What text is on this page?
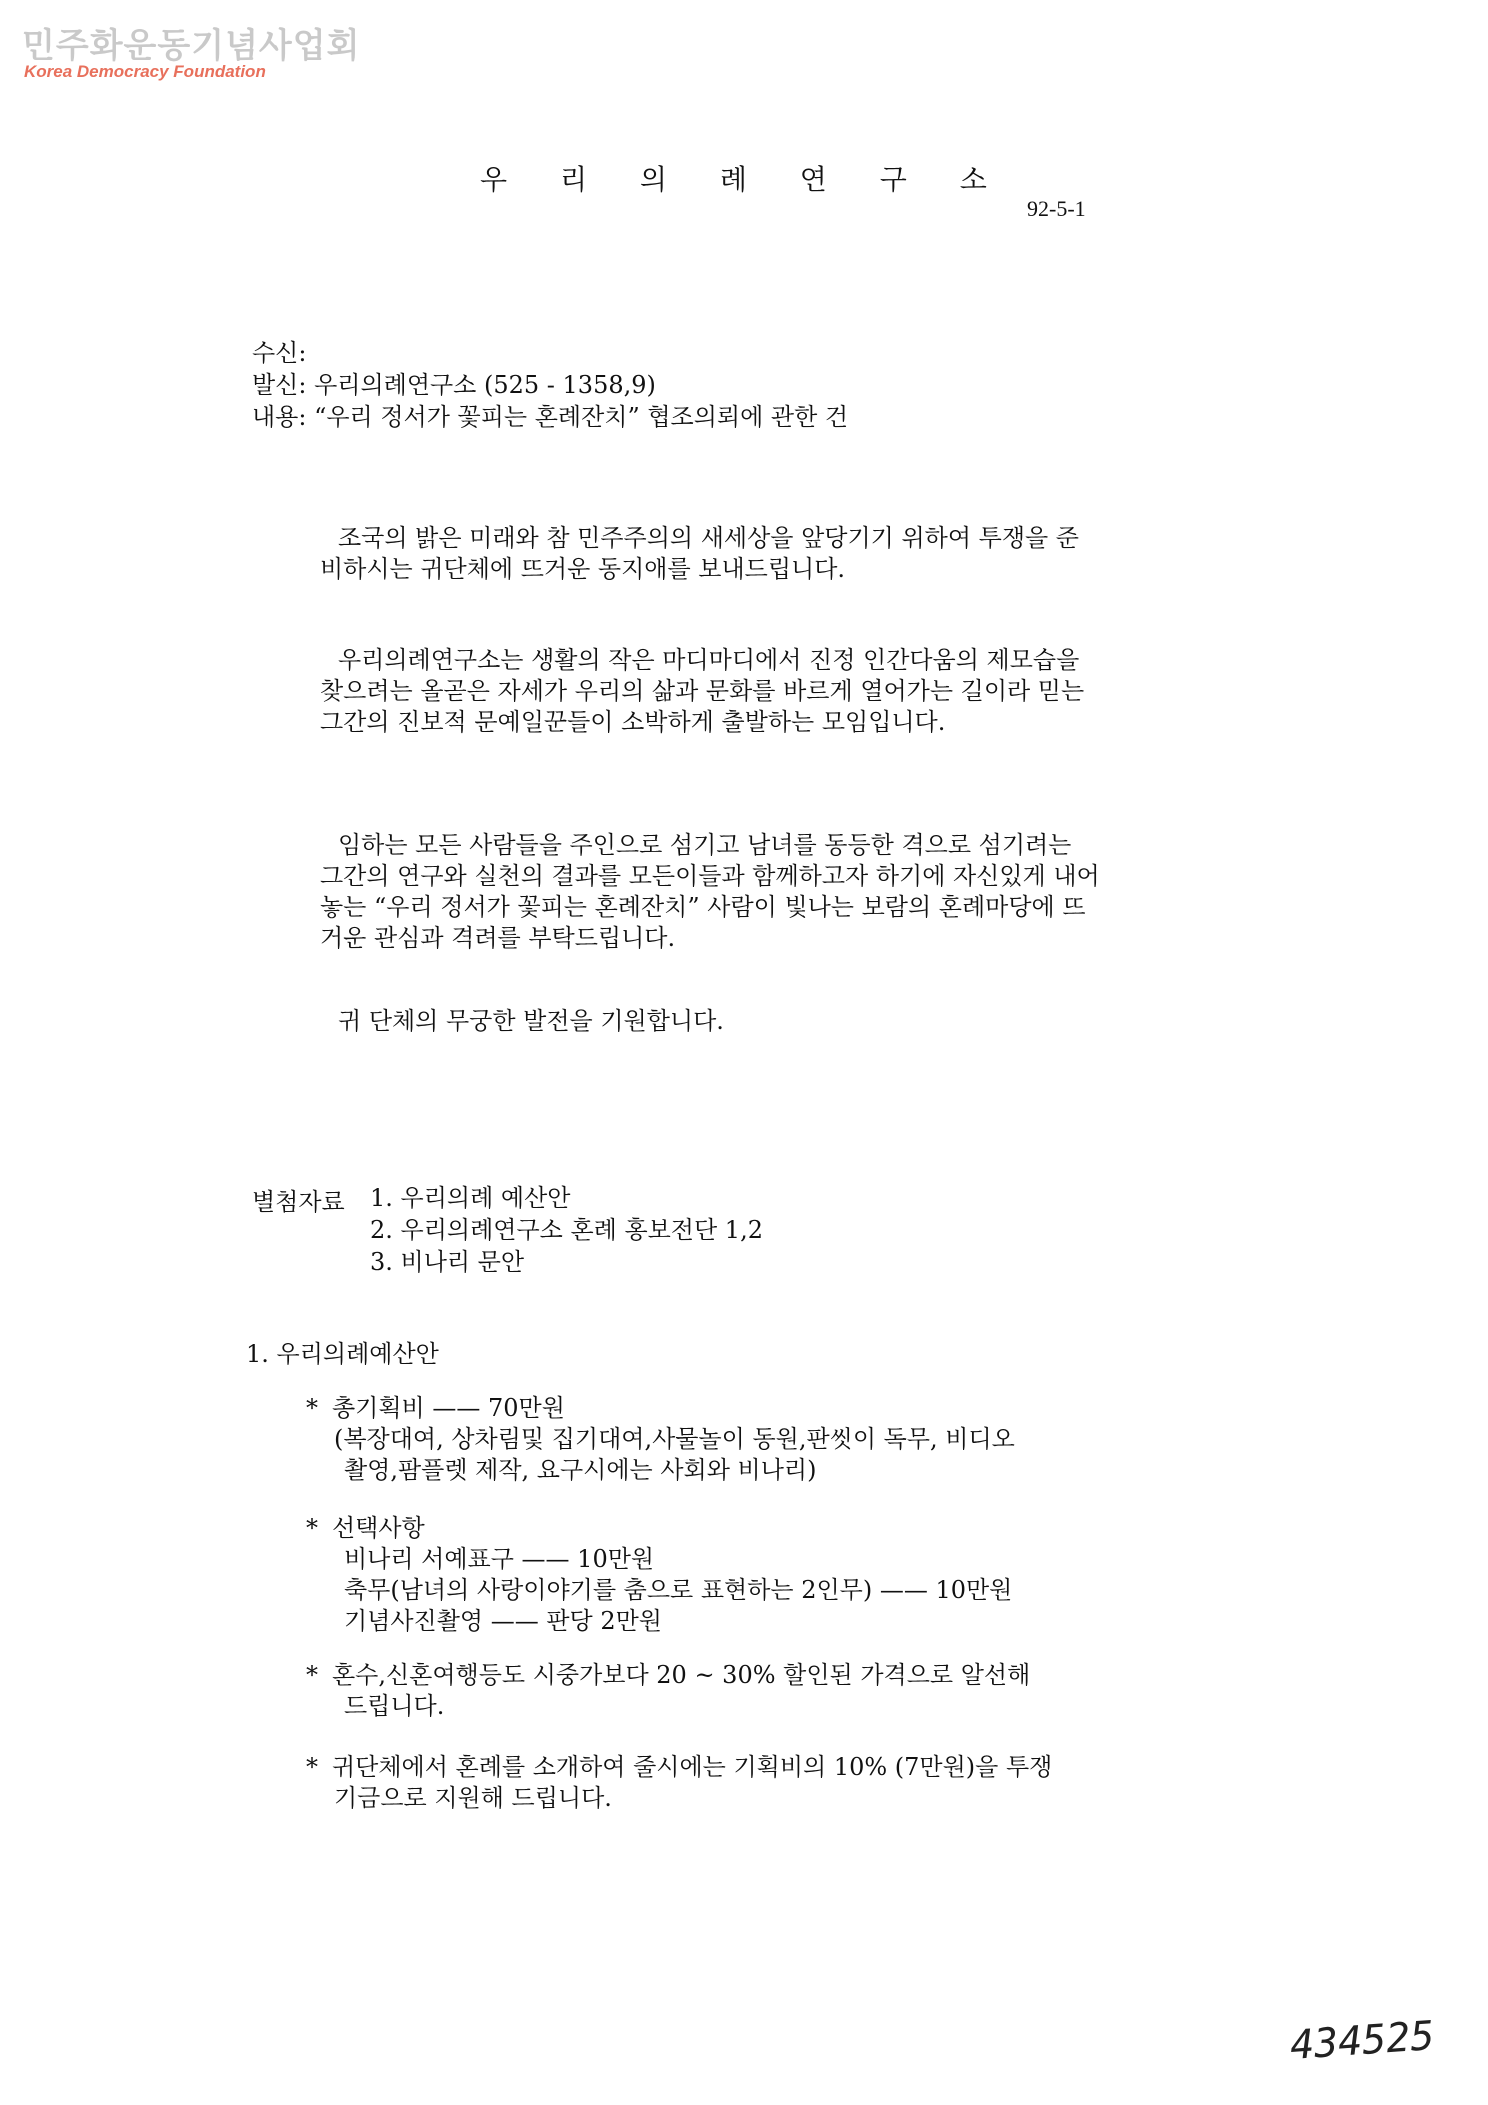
민주화운동기념사업회
Korea Democracy Foundation
우 리 의 례 연 구 소
92-5-1
수신:
발신: 우리의례연구소 (525 - 1358,9)
내용: “우리 정서가 꽃피는 혼례잔치” 협조의뢰에 관한 건
조국의 밝은 미래와 참 민주주의의 새세상을 앞당기기 위하여 투쟁을 준비하시는 귀단체에 뜨거운 동지애를 보내드립니다.
우리의례연구소는 생활의 작은 마디마디에서 진정 인간다움의 제모습을 찾으려는 올곧은 자세가 우리의 삶과 문화를 바르게 열어가는 길이라 믿는 그간의 진보적 문예일꾼들이 소박하게 출발하는 모임입니다.
임하는 모든 사람들을 주인으로 섬기고 남녀를 동등한 격으로 섬기려는 그간의 연구와 실천의 결과를 모든이들과 함께하고자 하기에 자신있게 내어놓는 “우리 정서가 꽃피는 혼례잔치” 사람이 빛나는 보람의 혼례마당에 뜨거운 관심과 격려를 부탁드립니다.
귀 단체의 무궁한 발전을 기원합니다.
별첨자료 1. 우리의례 예산안
2. 우리의례연구소 혼례 홍보전단 1,2
3. 비나리 문안
1. 우리의례예산안
* 총기획비 —— 70만원
(복장대여, 상차림및 집기대여,사물놀이 동원,판씻이 독무, 비디오
촬영,팜플렛 제작, 요구시에는 사회와 비나리)
* 선택사항
비나리 서예표구 —— 10만원
축무(남녀의 사랑이야기를 춤으로 표현하는 2인무) —— 10만원
기념사진촬영 —— 판당 2만원
* 혼수,신혼여행등도 시중가보다 20 ~ 30% 할인된 가격으로 알선해
드립니다.
* 귀단체에서 혼례를 소개하여 줄시에는 기획비의 10% (7만원)을 투쟁
기금으로 지원해 드립니다.
434525
